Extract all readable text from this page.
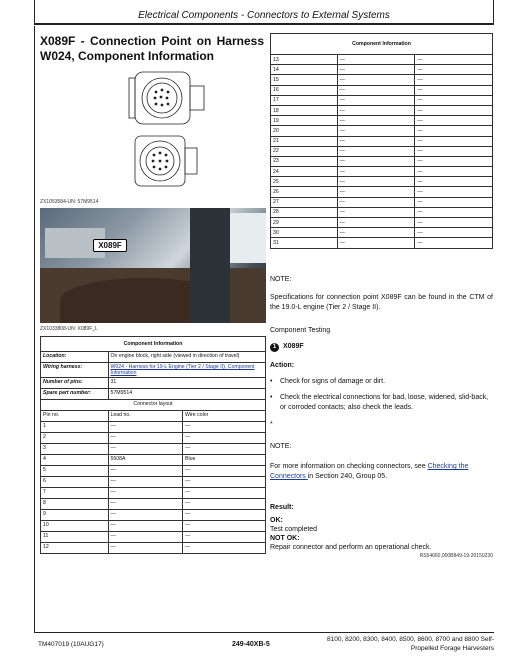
Electrical Components - Connectors to External Systems
X089F - Connection Point on Harness W024, Component Information
ZX1053584-UN: 57M9514
X089F
ZX1033808-UN: X089F_L
Component Information		
Location:	On engine block, right side (viewed in direction of travel)	
Wiring harness:	W024 - Harness for 19-L Engine (Tier 2 / Stage II), Component Information	
Number of pins:	31	
Spare part number:	57M9514	
Connector layout		
Pin no.	Lead no.	Wire color
1	—	—
2	—	—
3	—	—
4	5508A	Blue
5	—	—
6	—	—
7	—	—
8	—	—
9	—	—
10	—	—
11	—	—
12	—	—
Component Information		
13	—	—
14	—	—
15	—	—
16	—	—
17	—	—
18	—	—
19	—	—
20	—	—
21	—	—
22	—	—
23	—	—
24	—	—
25	—	—
26	—	—
27	—	—
28	—	—
29	—	—
30	—	—
31	—	—
NOTE:
Specifications for connection point X089F can be found in the CTM of the 19.0-L engine (Tier 2 / Stage II).
Component Testing
1 X089F
Action:
• Check for signs of damage or dirt.
• Check the electrical connections for bad, loose, widened, slid-back, or corroded contacts; also check the leads.
*
NOTE:
For more information on checking connectors, see Checking the Connectors in Section 240, Group 05.
Result:
OK:
Test completed
NOT OK:
Repair connector and perform an operational check.
RS54660,000B849-19-20150230
TM407019 (10AUG17)	249-40XB-5
8100, 8200, 8300, 8400, 8500, 8600, 8700 and 8800 Self-
Propelled Forage Harvesters
